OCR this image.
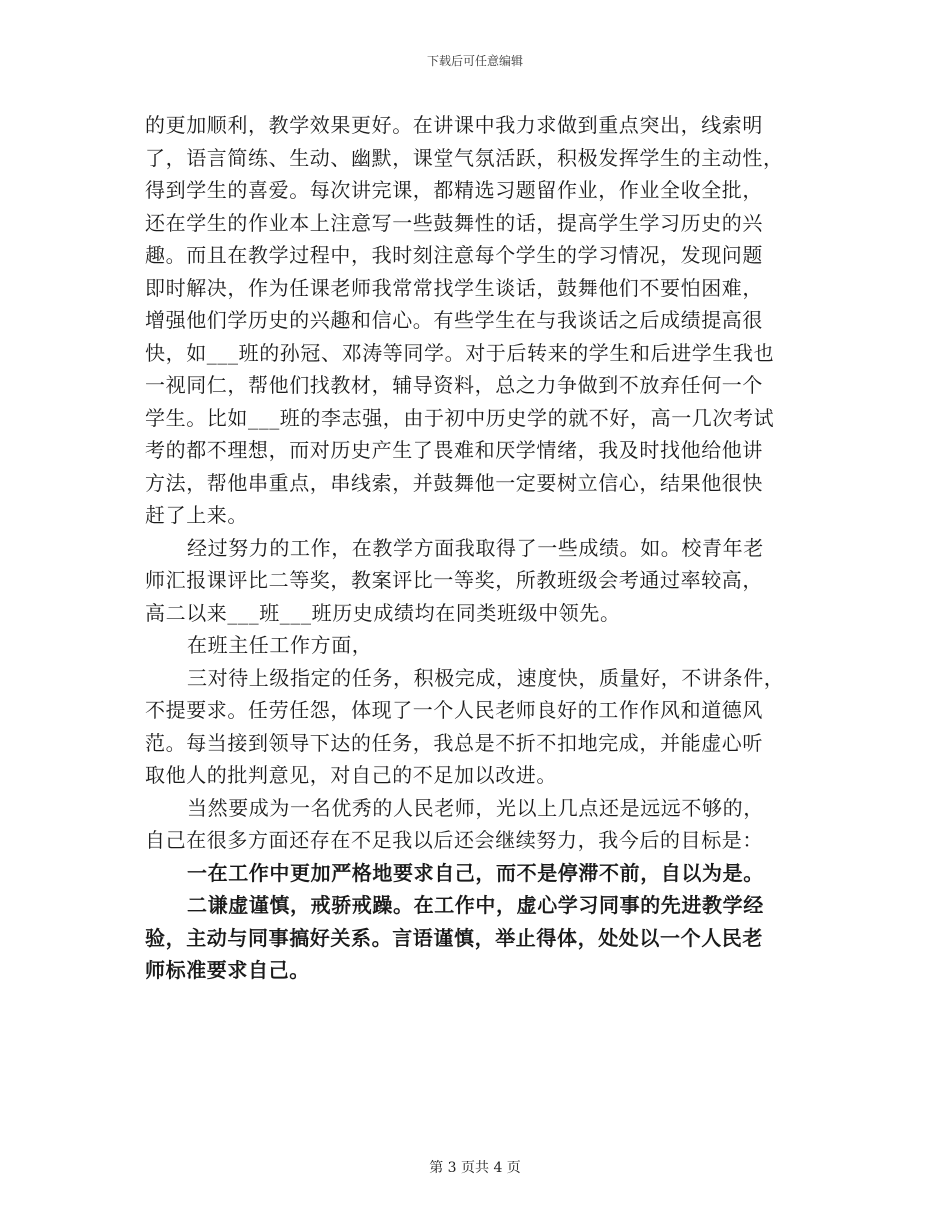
下载后可任意编辑
的更加顺利，教学效果更好。在讲课中我力求做到重点突出，线索明
了，语言简练、生动、幽默，课堂气氛活跃，积极发挥学生的主动性，
得到学生的喜爱。每次讲完课，都精选习题留作业，作业全收全批，
还在学生的作业本上注意写一些鼓舞性的话，提高学生学习历史的兴
趣。而且在教学过程中，我时刻注意每个学生的学习情况，发现问题
即时解决，作为任课老师我常常找学生谈话，鼓舞他们不要怕困难，
增强他们学历史的兴趣和信心。有些学生在与我谈话之后成绩提高很
快，如___班的孙冠、邓涛等同学。对于后转来的学生和后进学生我也
一视同仁，帮他们找教材，辅导资料，总之力争做到不放弃任何一个
学生。比如___班的李志强，由于初中历史学的就不好，高一几次考试
考的都不理想，而对历史产生了畏难和厌学情绪，我及时找他给他讲
方法，帮他串重点，串线索，并鼓舞他一定要树立信心，结果他很快
赶了上来。
经过努力的工作，在教学方面我取得了一些成绩。如。校青年老
师汇报课评比二等奖，教案评比一等奖，所教班级会考通过率较高，
高二以来___班___班历史成绩均在同类班级中领先。
在班主任工作方面，
三对待上级指定的任务，积极完成，速度快，质量好，不讲条件，
不提要求。任劳任怨，体现了一个人民老师良好的工作作风和道德风
范。每当接到领导下达的任务，我总是不折不扣地完成，并能虚心听
取他人的批判意见，对自己的不足加以改进。
当然要成为一名优秀的人民老师，光以上几点还是远远不够的，
自己在很多方面还存在不足我以后还会继续努力，我今后的目标是：
一在工作中更加严格地要求自己，而不是停滞不前，自以为是。
二谦虚谨慎，戒骄戒躁。在工作中，虚心学习同事的先进教学经
验，主动与同事搞好关系。言语谨慎，举止得体，处处以一个人民老
师标准要求自己。
第 3 页共 4 页
